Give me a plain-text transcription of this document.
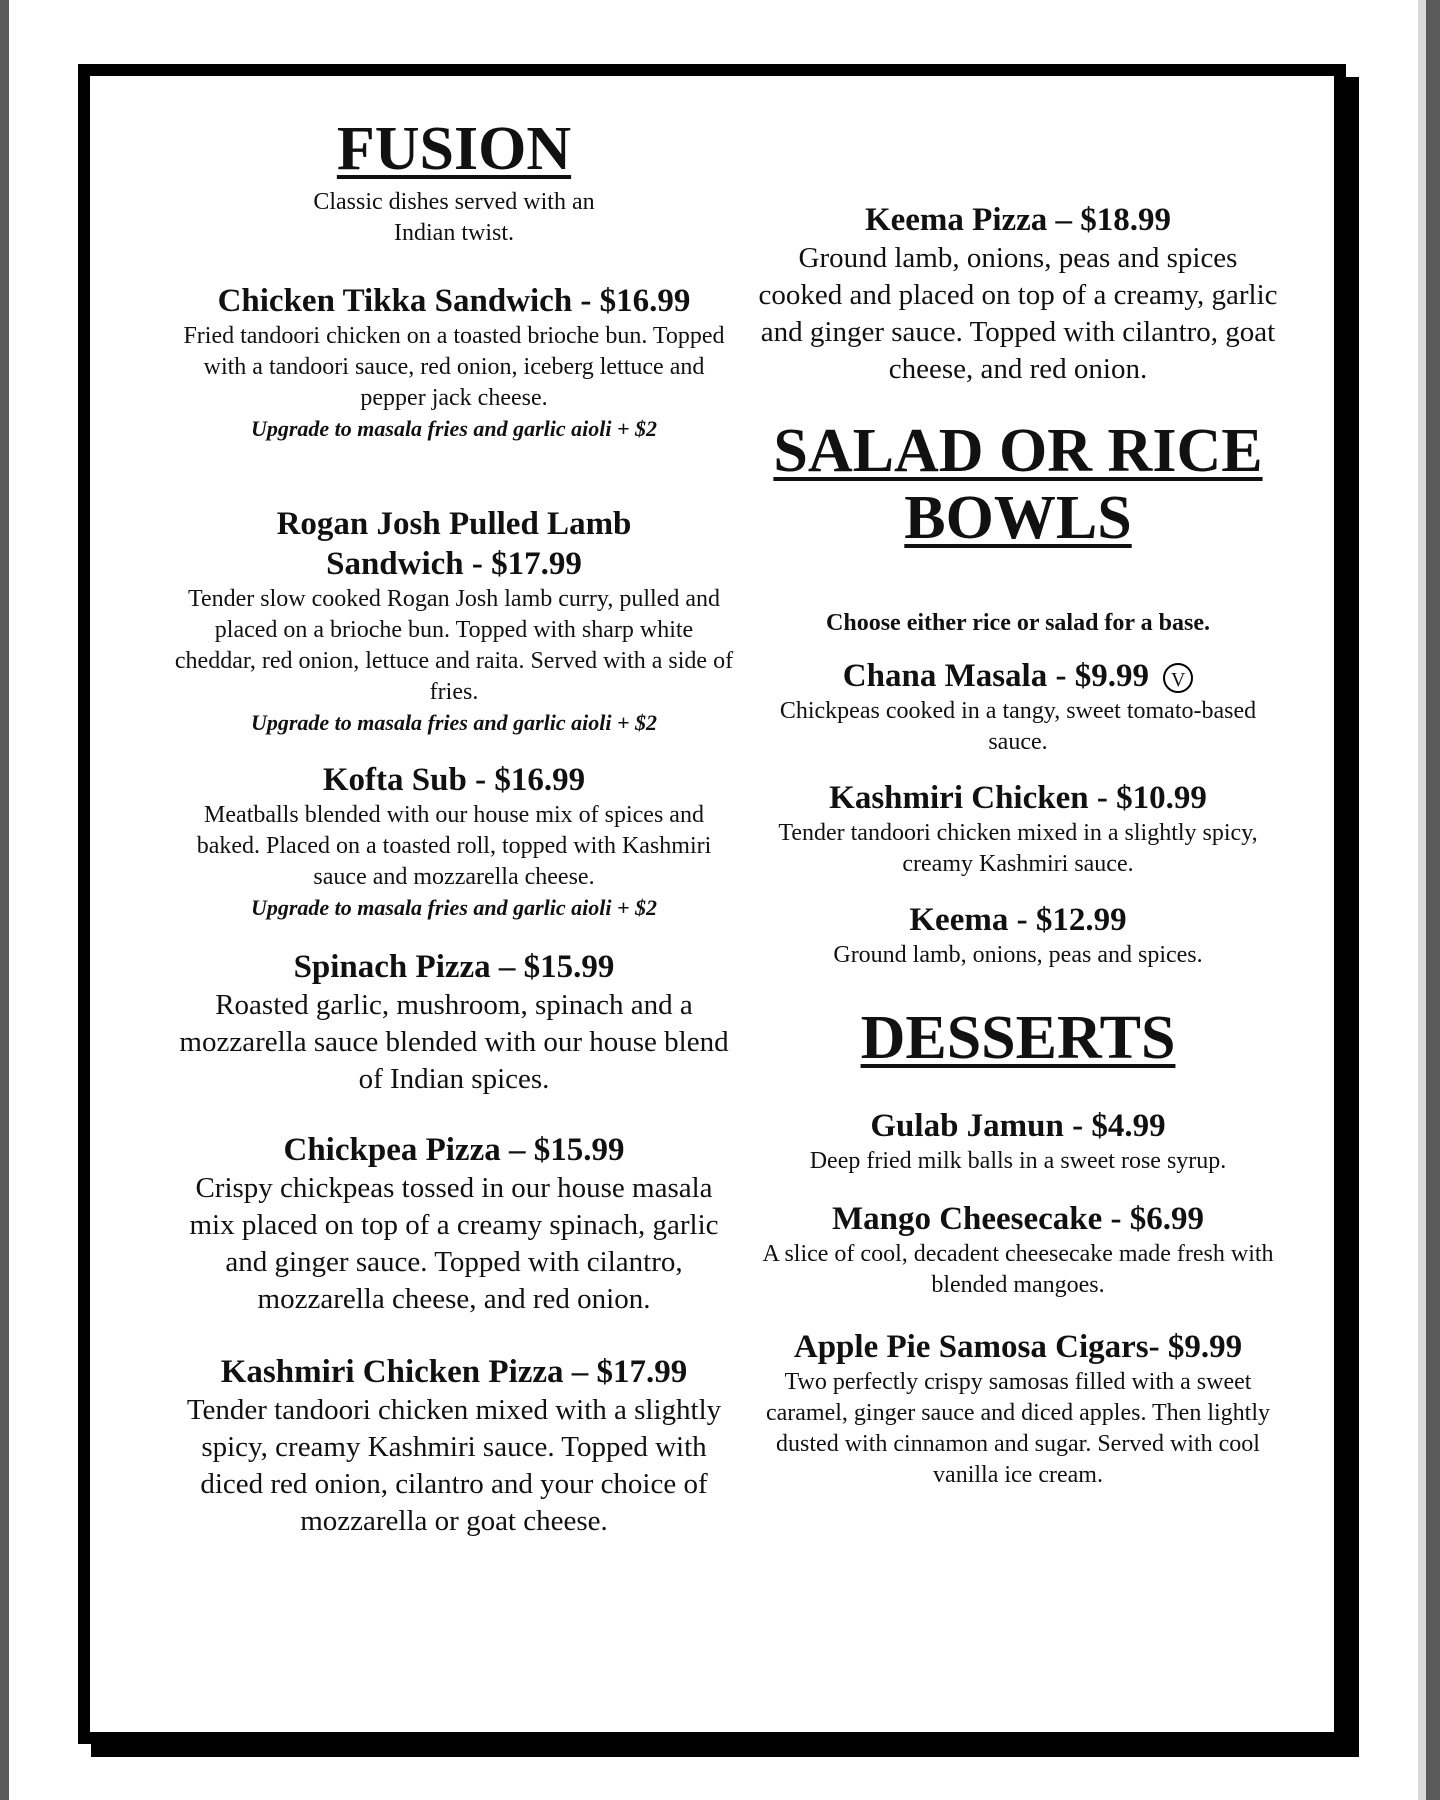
FUSION

Classic dishes served with an Indian twist.

Chicken Tikka Sandwich - $16.99

Fried tandoori chicken on a toasted brioche bun. Topped with a tandoori sauce, red onion, iceberg lettuce and pepper jack cheese.

Upgrade to masala fries and garlic aioli + $2

Rogan Josh Pulled Lamb Sandwich - $17.99

Tender slow cooked Rogan Josh lamb curry, pulled and placed on a brioche bun. Topped with sharp white cheddar, red onion, lettuce and raita. Served with a side of fries.

Upgrade to masala fries and garlic aioli + $2

Kofta Sub - $16.99

Meatballs blended with our house mix of spices and baked. Placed on a toasted roll, topped with Kashmiri sauce and mozzarella cheese.

Upgrade to masala fries and garlic aioli + $2

Spinach Pizza – $15.99

Roasted garlic, mushroom, spinach and a mozzarella sauce blended with our house blend of Indian spices.

Chickpea Pizza – $15.99

Crispy chickpeas tossed in our house masala mix placed on top of a creamy spinach, garlic and ginger sauce. Topped with cilantro, mozzarella cheese, and red onion.

Kashmiri Chicken Pizza – $17.99

Tender tandoori chicken mixed with a slightly spicy, creamy Kashmiri sauce. Topped with diced red onion, cilantro and your choice of mozzarella or goat cheese.

Keema Pizza – $18.99

Ground lamb, onions, peas and spices cooked and placed on top of a creamy, garlic and ginger sauce. Topped with cilantro, goat cheese, and red onion.

SALAD OR RICE
BOWLS

Choose either rice or salad for a base.

Chana Masala - $9.99 V

Chickpeas cooked in a tangy, sweet tomato-based sauce.

Kashmiri Chicken - $10.99

Tender tandoori chicken mixed in a slightly spicy, creamy Kashmiri sauce.

Keema - $12.99

Ground lamb, onions, peas and spices.

DESSERTS

Gulab Jamun - $4.99

Deep fried milk balls in a sweet rose syrup.

Mango Cheesecake - $6.99

A slice of cool, decadent cheesecake made fresh with blended mangoes.

Apple Pie Samosa Cigars- $9.99

Two perfectly crispy samosas filled with a sweet caramel, ginger sauce and diced apples. Then lightly dusted with cinnamon and sugar. Served with cool vanilla ice cream.
